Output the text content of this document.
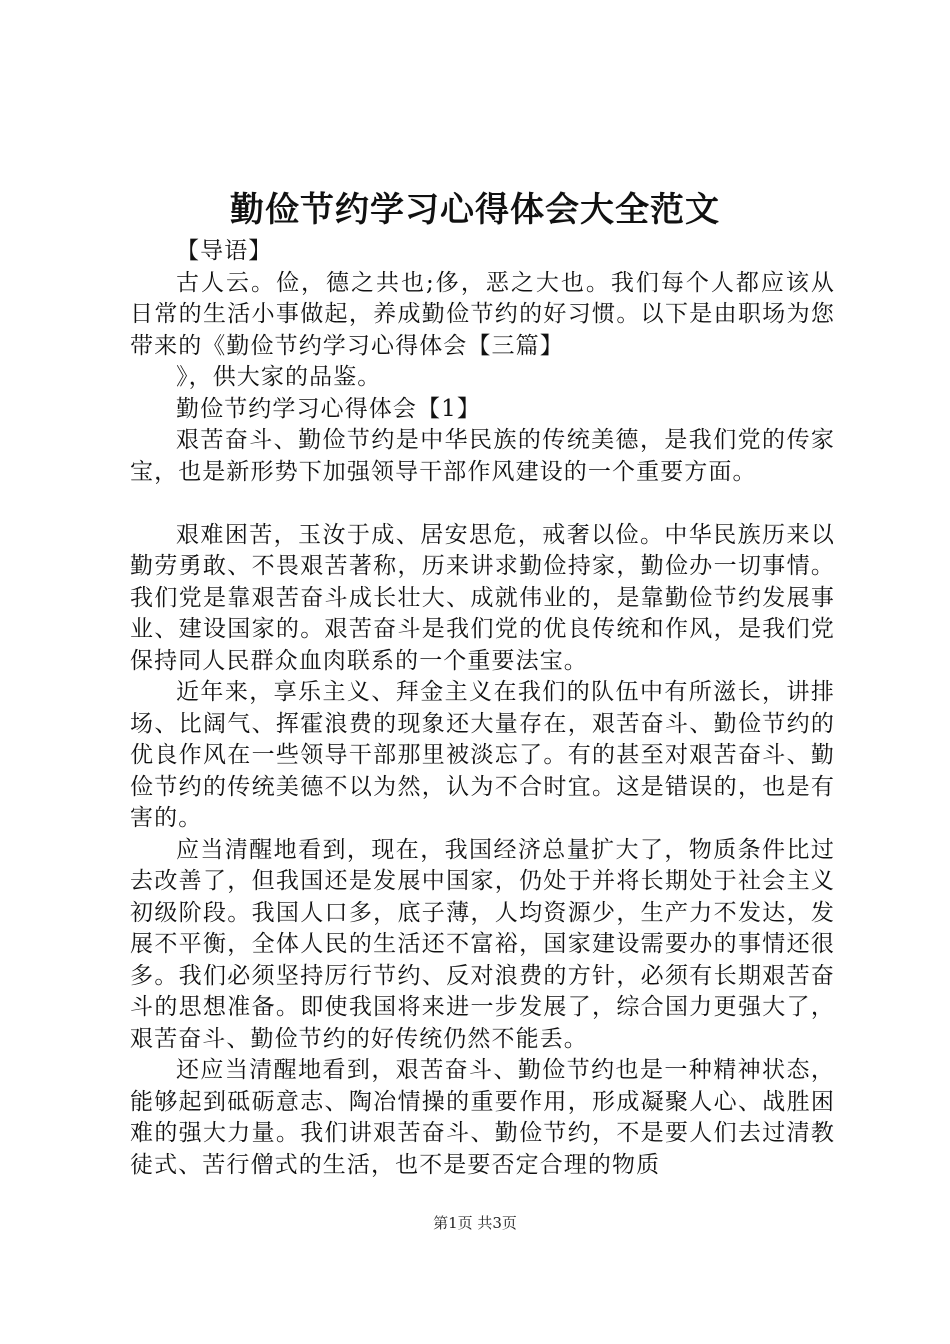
勤俭节约学习心得体会大全范文

【导语】

古人云。俭，德之共也;侈，恶之大也。我们每个人都应该从日常的生活小事做起，养成勤俭节约的好习惯。以下是由职场为您带来的《勤俭节约学习心得体会【三篇】

》，供大家的品鉴。

勤俭节约学习心得体会【1】

艰苦奋斗、勤俭节约是中华民族的传统美德，是我们党的传家宝，也是新形势下加强领导干部作风建设的一个重要方面。

艰难困苦，玉汝于成、居安思危，戒奢以俭。中华民族历来以勤劳勇敢、不畏艰苦著称，历来讲求勤俭持家，勤俭办一切事情。我们党是靠艰苦奋斗成长壮大、成就伟业的，是靠勤俭节约发展事业、建设国家的。艰苦奋斗是我们党的优良传统和作风，是我们党保持同人民群众血肉联系的一个重要法宝。

近年来，享乐主义、拜金主义在我们的队伍中有所滋长，讲排场、比阔气、挥霍浪费的现象还大量存在，艰苦奋斗、勤俭节约的优良作风在一些领导干部那里被淡忘了。有的甚至对艰苦奋斗、勤俭节约的传统美德不以为然，认为不合时宜。这是错误的，也是有害的。

应当清醒地看到，现在，我国经济总量扩大了，物质条件比过去改善了，但我国还是发展中国家，仍处于并将长期处于社会主义初级阶段。我国人口多，底子薄，人均资源少，生产力不发达，发展不平衡，全体人民的生活还不富裕，国家建设需要办的事情还很多。我们必须坚持厉行节约、反对浪费的方针，必须有长期艰苦奋斗的思想准备。即使我国将来进一步发展了，综合国力更强大了，艰苦奋斗、勤俭节约的好传统仍然不能丢。

还应当清醒地看到，艰苦奋斗、勤俭节约也是一种精神状态，能够起到砥砺意志、陶冶情操的重要作用，形成凝聚人心、战胜困难的强大力量。我们讲艰苦奋斗、勤俭节约，不是要人们去过清教徒式、苦行僧式的生活，也不是要否定合理的物质

第1页 共3页
